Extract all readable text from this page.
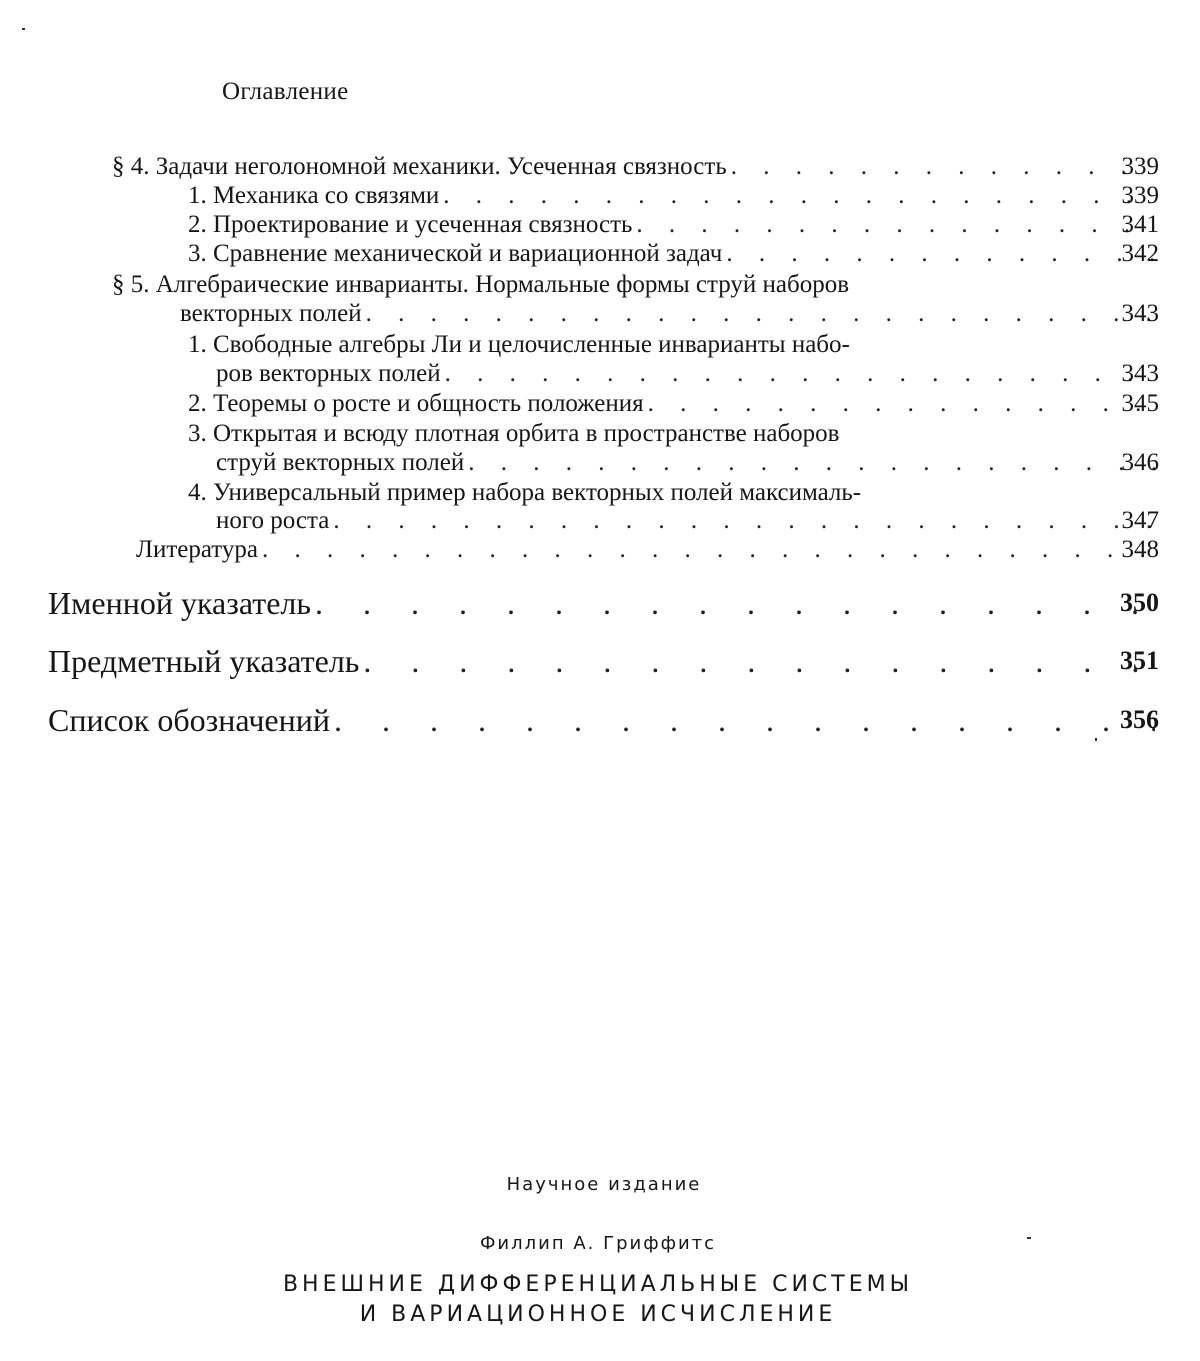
Оглавление
§ 4. Задачи неголономной механики. Усеченная связность . . .	339
1. Механика со связями . . .	339
2. Проектирование и усеченная связность . . .	341
3. Сравнение механической и вариационной задач . . .	342
§ 5. Алгебраические инварианты. Нормальные формы струй наборов
векторных полей . . .	343
1. Свободные алгебры Ли и целочисленные инварианты набо-
ров векторных полей . . .	343
2. Теоремы о росте и общность положения . . .	345
3. Открытая и всюду плотная орбита в пространстве наборов
струй векторных полей . . .	346
4. Универсальный пример набора векторных полей максималь-
ного роста . . .	347
Литература . . .	348
Именной указатель . . .	350
Предметный указатель . . .	351
Список обозначений . . .	356
Научное издание
Филлип А. Гриффитс
ВНЕШНИЕ ДИФФЕРЕНЦИАЛЬНЫЕ СИСТЕМЫ
И ВАРИАЦИОННОЕ ИСЧИСЛЕНИЕ
